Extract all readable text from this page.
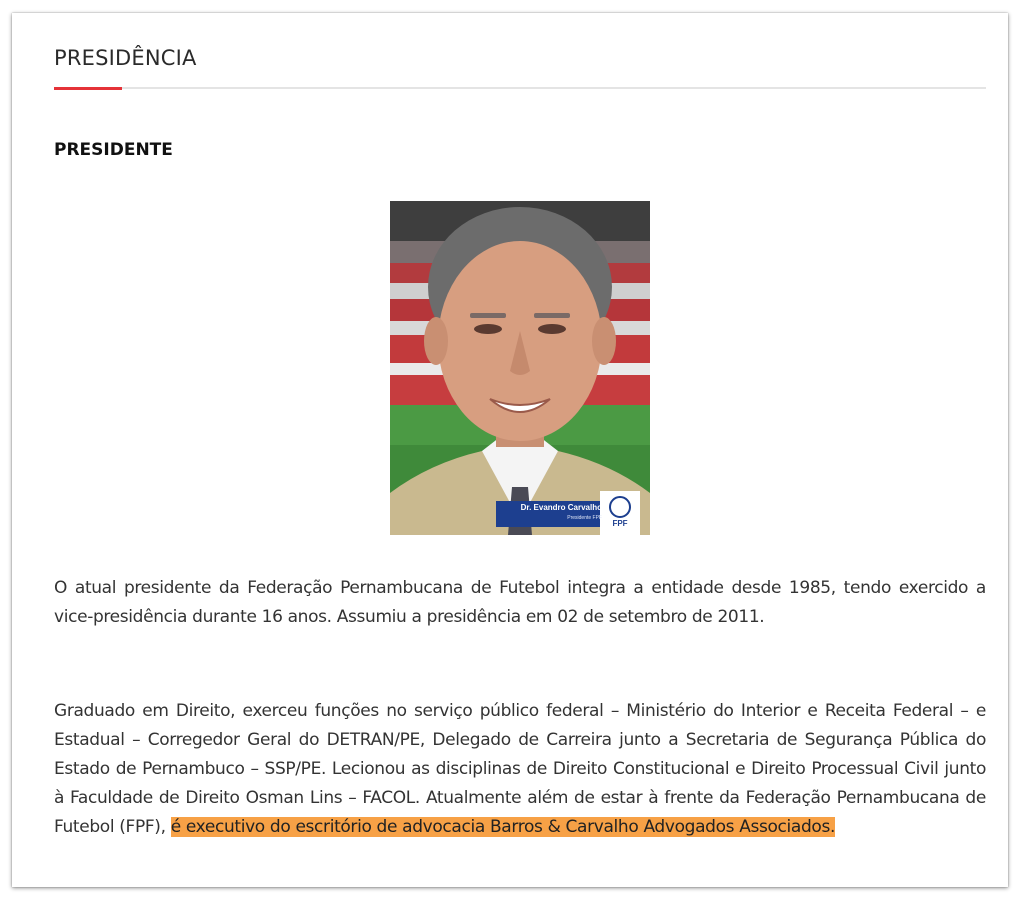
PRESIDÊNCIA
PRESIDENTE
Dr. Evandro Carvalho
Presidente FPF
FPF

O atual presidente da Federação Pernambucana de Futebol integra a entidade desde 1985, tendo exercido a vice-presidência durante 16 anos. Assumiu a presidência em 02 de setembro de 2011.

Graduado em Direito, exerceu funções no serviço público federal – Ministério do Interior e Receita Federal – e Estadual – Corregedor Geral do DETRAN/PE, Delegado de Carreira junto a Secretaria de Segurança Pública do Estado de Pernambuco – SSP/PE. Lecionou as disciplinas de Direito Constitucional e Direito Processual Civil junto à Faculdade de Direito Osman Lins – FACOL. Atualmente além de estar à frente da Federação Pernambucana de Futebol (FPF), é executivo do escritório de advocacia Barros & Carvalho Advogados Associados.
